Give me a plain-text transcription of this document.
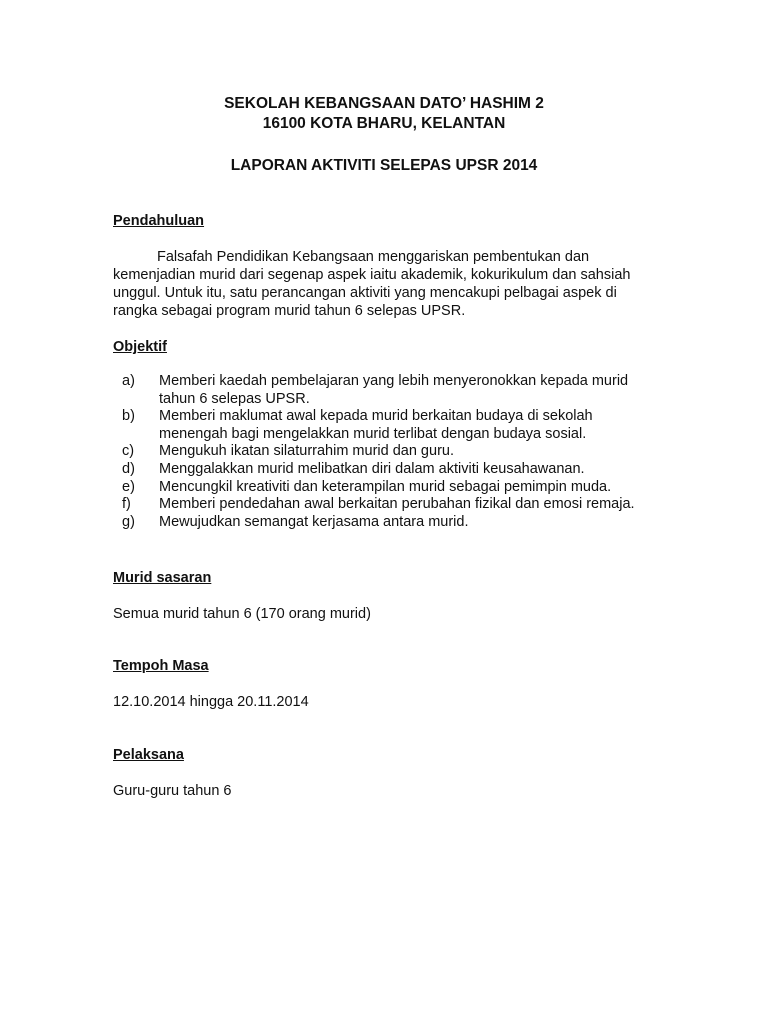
SEKOLAH KEBANGSAAN DATO’ HASHIM 2
16100 KOTA BHARU, KELANTAN
LAPORAN AKTIVITI SELEPAS UPSR 2014
Pendahuluan
Falsafah Pendidikan Kebangsaan menggariskan pembentukan dan
kemenjadian murid dari segenap aspek iaitu akademik, kokurikulum dan sahsiah
unggul. Untuk itu, satu perancangan aktiviti yang mencakupi pelbagai aspek di
rangka sebagai program murid tahun 6 selepas UPSR.
Objektif
a)	Memberi kaedah pembelajaran yang lebih menyeronokkan kepada murid
tahun 6 selepas UPSR.
b)	Memberi maklumat awal kepada murid berkaitan budaya di sekolah
menengah bagi mengelakkan murid terlibat dengan budaya sosial.
c)	Mengukuh ikatan silaturrahim murid dan guru.
d)	Menggalakkan murid melibatkan diri dalam aktiviti keusahawanan.
e)	Mencungkil kreativiti dan keterampilan murid sebagai pemimpin muda.
f)	Memberi pendedahan awal berkaitan perubahan fizikal dan emosi remaja.
g)	Mewujudkan semangat kerjasama antara murid.
Murid sasaran
Semua murid tahun 6 (170 orang murid)
Tempoh Masa
12.10.2014 hingga 20.11.2014
Pelaksana
Guru-guru tahun 6
